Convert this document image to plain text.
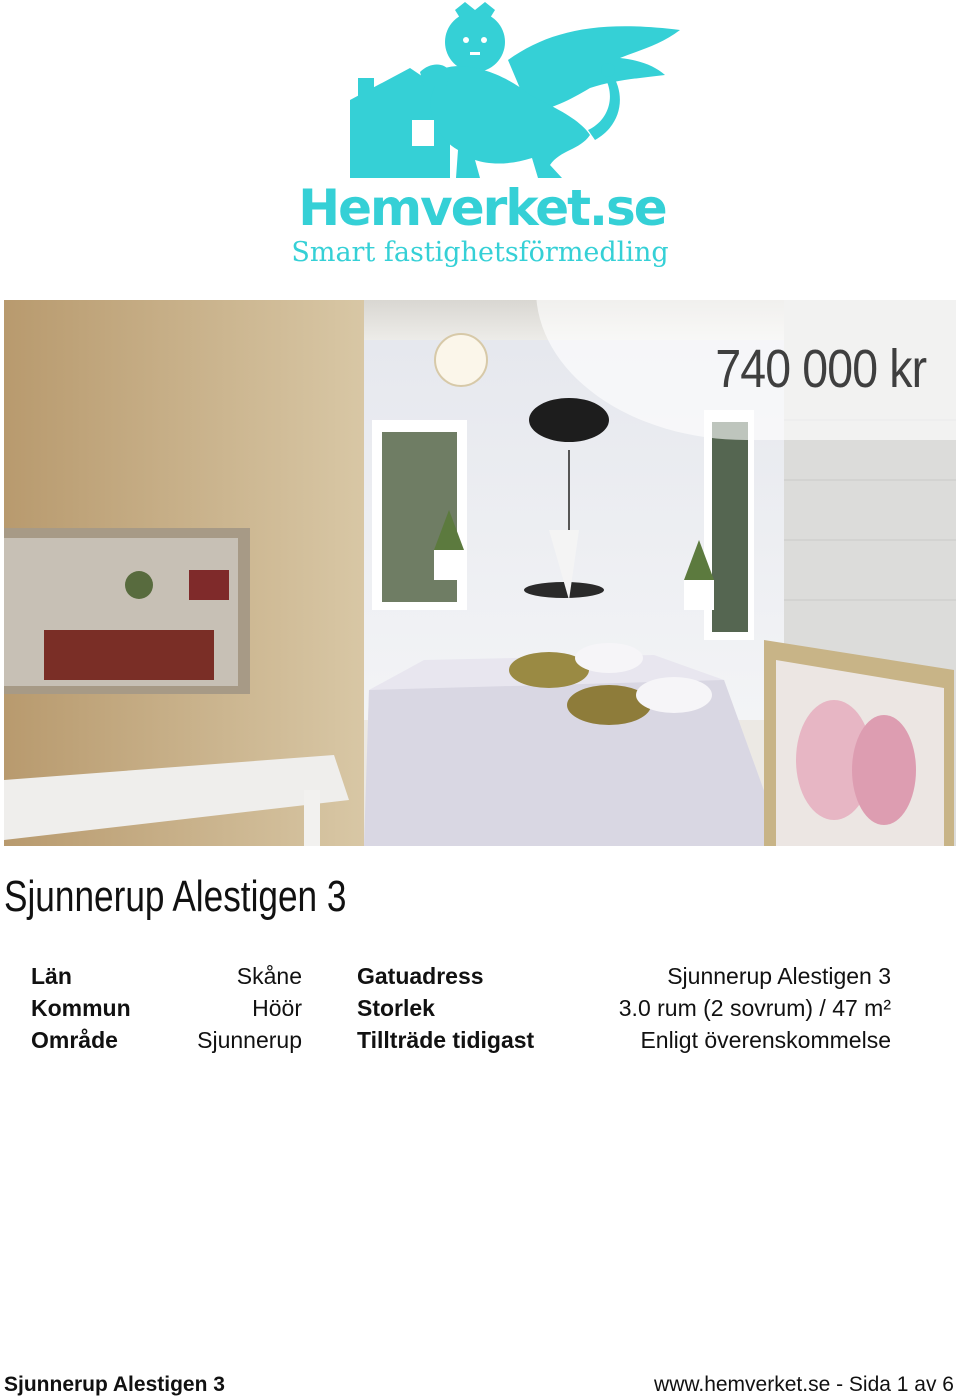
Hemverket.se
Smart fastighetsförmedling
740 000 kr
Sjunnerup Alestigen 3
Län	Skåne Gatuadress	Sjunnerup Alestigen 3
Kommun	Höör Storlek	3.0 rum (2 sovrum) / 47 m²
Område	Sjunnerup Tillträde tidigast	Enligt överenskommelse
Sjunnerup Alestigen 3	www.hemverket.se - Sida 1 av 6
